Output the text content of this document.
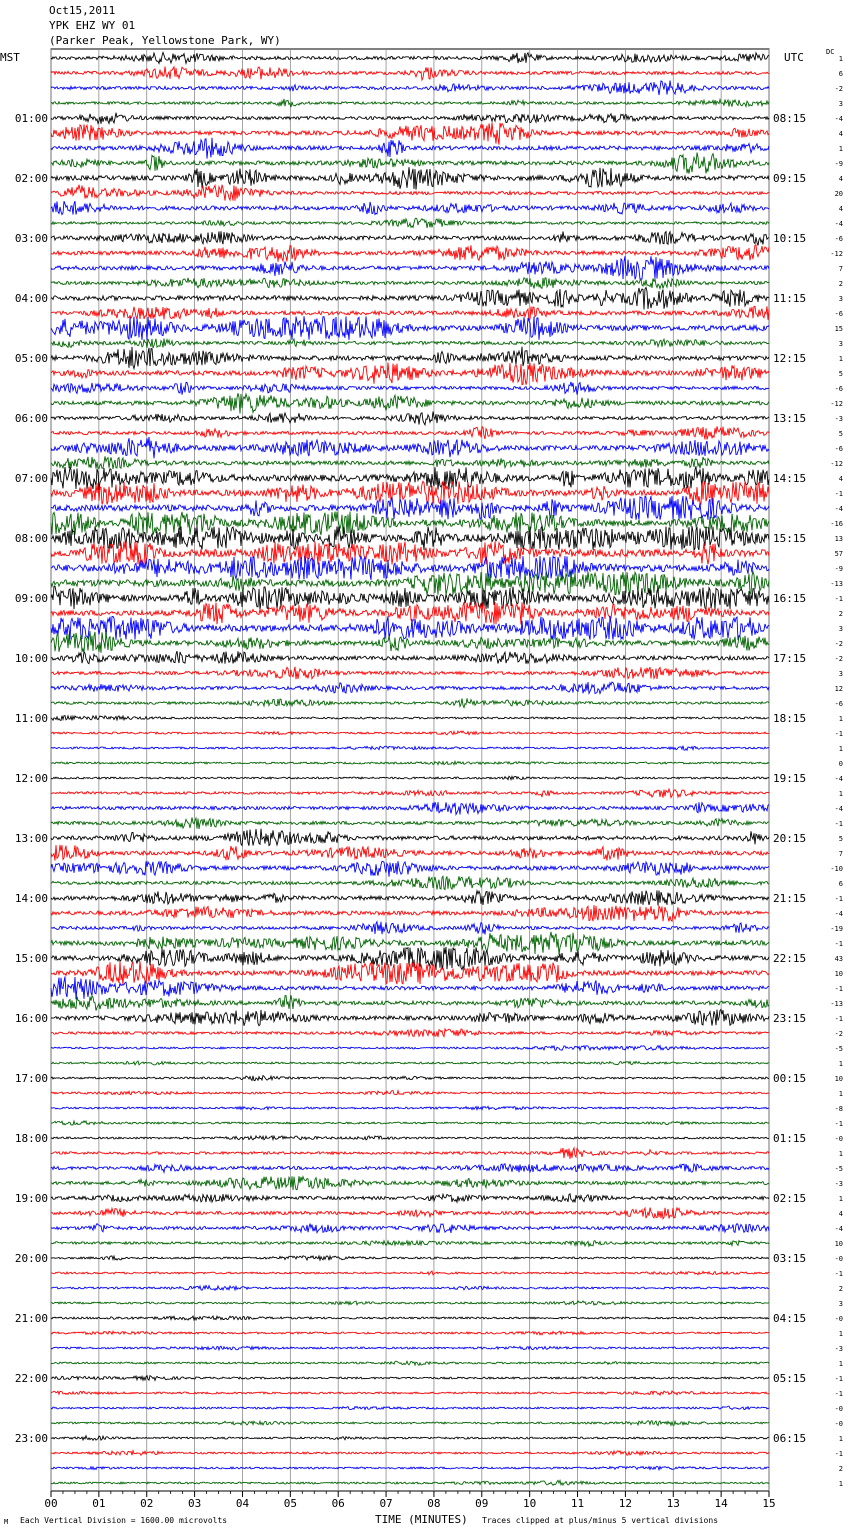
Oct15,2011
YPK EHZ WY 01
(Parker Peak, Yellowstone Park, WY)
MST	UTC	DC
00	01	02	03	04	05	06	07	08	09	10	11	12	13	14	15
1
6
-2
3
-4
4
1
-9
4
20
4
-4
-6
-12
7
2
3
-6
15
3
1
5
-6
-12
-3
5
-6
-12
4
-1
-4
-16
13
57
-9
-13
-1
2
3
-2
-2
3
12
-6
1
-1
1
0
-4
1
-4
-1
5
7
-10
6
-1
-4
-19
-1
43
10
-1
-13
-1
-2
-5
1
10
1
-8
-1
-0
1
-5
-3
1
4
-4
10
-0
-1
2
3
-0
1
-3
1
-1
-1
-0
-0
1
-1
2
1
01:00
02:00
03:00
04:00
05:00
06:00
07:00
08:00
09:00
10:00
11:00
12:00
13:00
14:00
15:00
16:00
17:00
18:00
19:00
20:00
21:00
22:00
23:00
08:15
09:15
10:15
11:15
12:15
13:15
14:15
15:15
16:15
17:15
18:15
19:15
20:15
21:15
22:15
23:15
00:15
01:15
02:15
03:15
04:15
05:15
06:15
M Each Vertical Division = 1600.00 microvolts	TIME (MINUTES) Traces clipped at plus/minus 5 vertical divisions
